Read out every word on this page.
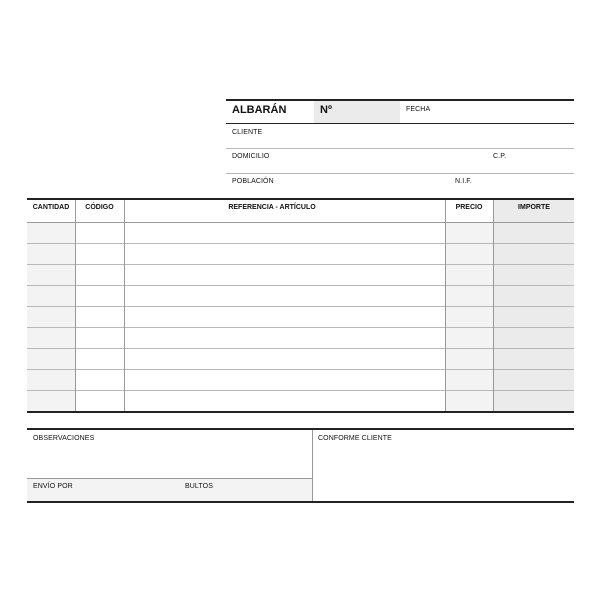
ALBARÁN	Nº	FECHA
CLIENTE
DOMICILIO	C.P.
POBLACIÓN	N.I.F.
CANTIDAD	CÓDIGO	REFERENCIA - ARTÍCULO	PRECIO	IMPORTE
OBSERVACIONES	CONFORME CLIENTE
ENVÍO POR	BULTOS
